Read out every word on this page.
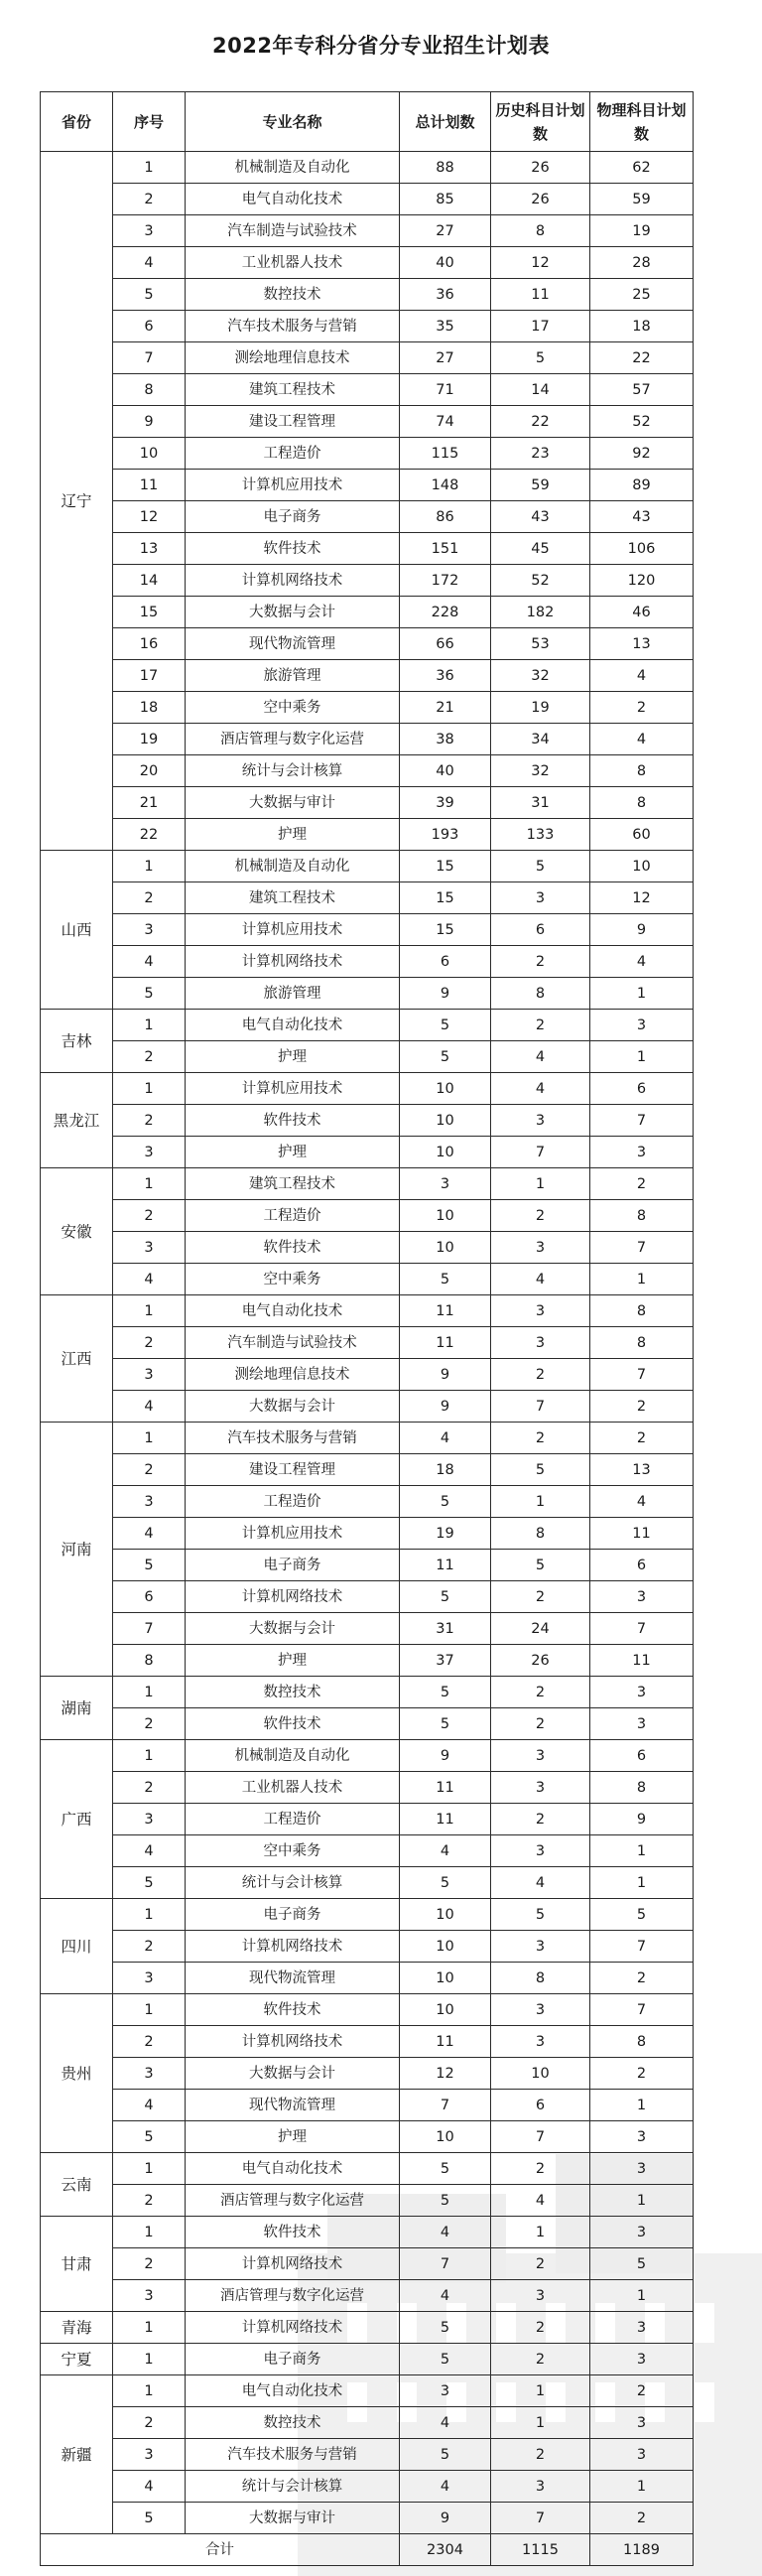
2022年专科分省分专业招生计划表
省份	序号	专业名称	总计划数	历史科目计划数	物理科目计划数
辽宁	1	机械制造及自动化	88	26	62
	2	电气自动化技术	85	26	59
	3	汽车制造与试验技术	27	8	19
	4	工业机器人技术	40	12	28
	5	数控技术	36	11	25
	6	汽车技术服务与营销	35	17	18
	7	测绘地理信息技术	27	5	22
	8	建筑工程技术	71	14	57
	9	建设工程管理	74	22	52
	10	工程造价	115	23	92
	11	计算机应用技术	148	59	89
	12	电子商务	86	43	43
	13	软件技术	151	45	106
	14	计算机网络技术	172	52	120
	15	大数据与会计	228	182	46
	16	现代物流管理	66	53	13
	17	旅游管理	36	32	4
	18	空中乘务	21	19	2
	19	酒店管理与数字化运营	38	34	4
	20	统计与会计核算	40	32	8
	21	大数据与审计	39	31	8
	22	护理	193	133	60
山西	1	机械制造及自动化	15	5	10
	2	建筑工程技术	15	3	12
	3	计算机应用技术	15	6	9
	4	计算机网络技术	6	2	4
	5	旅游管理	9	8	1
吉林	1	电气自动化技术	5	2	3
	2	护理	5	4	1
黑龙江	1	计算机应用技术	10	4	6
	2	软件技术	10	3	7
	3	护理	10	7	3
安徽	1	建筑工程技术	3	1	2
	2	工程造价	10	2	8
	3	软件技术	10	3	7
	4	空中乘务	5	4	1
江西	1	电气自动化技术	11	3	8
	2	汽车制造与试验技术	11	3	8
	3	测绘地理信息技术	9	2	7
	4	大数据与会计	9	7	2
河南	1	汽车技术服务与营销	4	2	2
	2	建设工程管理	18	5	13
	3	工程造价	5	1	4
	4	计算机应用技术	19	8	11
	5	电子商务	11	5	6
	6	计算机网络技术	5	2	3
	7	大数据与会计	31	24	7
	8	护理	37	26	11
湖南	1	数控技术	5	2	3
	2	软件技术	5	2	3
广西	1	机械制造及自动化	9	3	6
	2	工业机器人技术	11	3	8
	3	工程造价	11	2	9
	4	空中乘务	4	3	1
	5	统计与会计核算	5	4	1
四川	1	电子商务	10	5	5
	2	计算机网络技术	10	3	7
	3	现代物流管理	10	8	2
贵州	1	软件技术	10	3	7
	2	计算机网络技术	11	3	8
	3	大数据与会计	12	10	2
	4	现代物流管理	7	6	1
	5	护理	10	7	3
云南	1	电气自动化技术	5	2	3
	2	酒店管理与数字化运营	5	4	1
甘肃	1	软件技术	4	1	3
	2	计算机网络技术	7	2	5
	3	酒店管理与数字化运营	4	3	1
青海	1	计算机网络技术	5	2	3
宁夏	1	电子商务	5	2	3
新疆	1	电气自动化技术	3	1	2
	2	数控技术	4	1	3
	3	汽车技术服务与营销	5	2	3
	4	统计与会计核算	4	3	1
	5	大数据与审计	9	7	2
合计			2304	1115	1189
